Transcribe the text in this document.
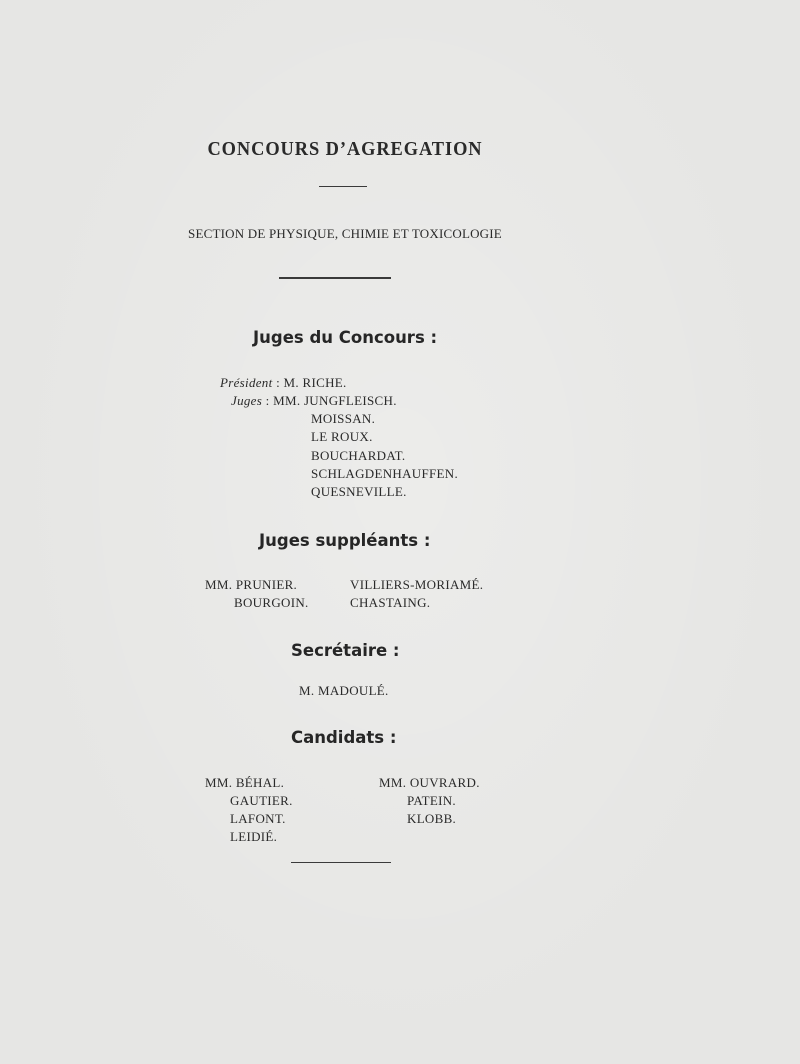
CONCOURS D’AGREGATION
SECTION DE PHYSIQUE, CHIMIE ET TOXICOLOGIE
Juges du Concours :
Président : M. RICHE.
Juges : MM. JUNGFLEISCH.
MOISSAN.
LE ROUX.
BOUCHARDAT.
SCHLAGDENHAUFFEN.
QUESNEVILLE.
Juges suppléants :
MM. PRUNIER.
BOURGOIN.
VILLIERS-MORIAMÉ.
CHASTAING.
Secrétaire :
M. MADOULÉ.
Candidats :
MM. BÉHAL.
GAUTIER.
LAFONT.
LEIDIÉ.
MM. OUVRARD.
PATEIN.
KLOBB.
